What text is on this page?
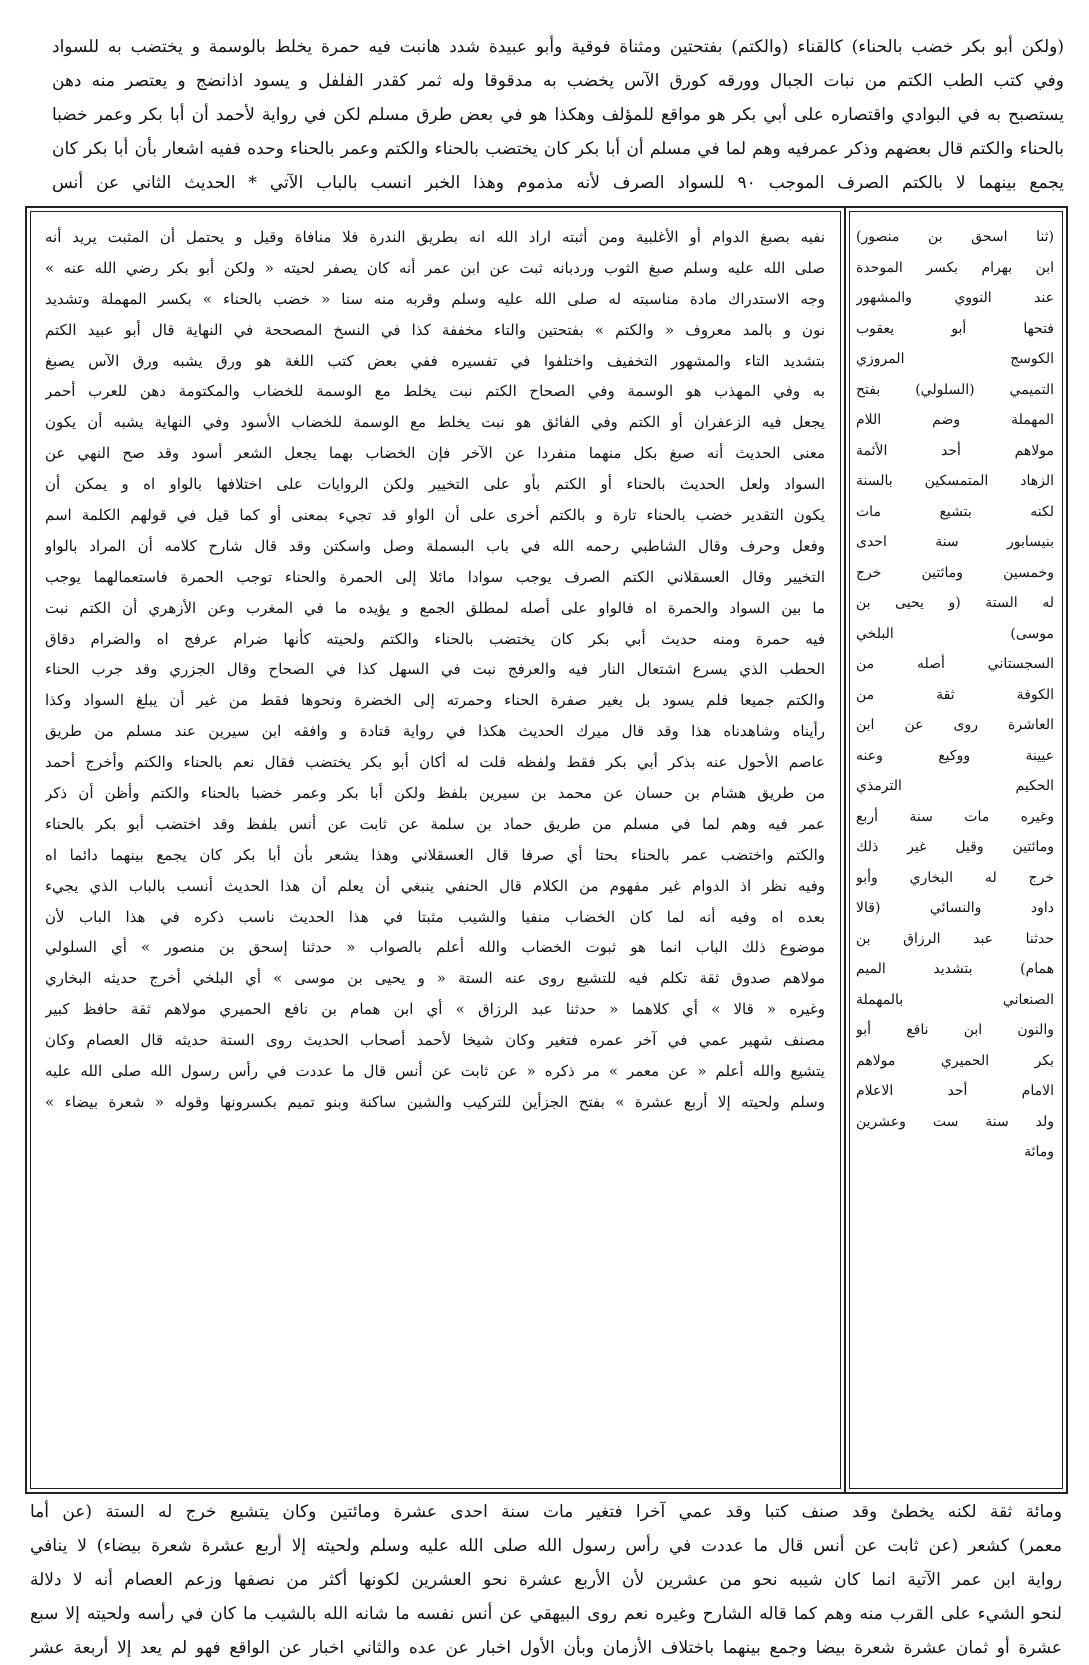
(ولكن أبو بكر خضب بالحناء) كالقناء (والكتم) بفتحتين ومثناة فوقية وأبو عبيدة شدد هانبت فيه حمرة يخلط بالوسمة و يختضب به للسواد
وفي كتب الطب الكتم من نبات الجبال وورقه كورق الآس يخضب به مدقوقا وله ثمر كقدر الفلفل و يسود اذانضج و يعتصر منه دهن
يستصبح به في البوادي واقتصاره على أبي بكر هو مواقع للمؤلف وهكذا هو في بعض طرق مسلم لكن في رواية لأحمد أن أبا بكر وعمر خضبا
بالحناء والكتم قال بعضهم وذكر عمرفيه وهم لما في مسلم أن أبا بكر كان يختضب بالحناء والكتم وعمر بالحناء وحده ففيه اشعار بأن أبا بكر كان
يجمع بينهما لا بالكتم الصرف الموجب ٩٠ للسواد الصرف لأنه مذموم وهذا الخبر انسب بالباب الآتي * الحديث الثاني عن أنس
نفيه بصبغ الدوام أو الأغلبية ومن أثبته اراد الله انه بطريق الندرة فلا منافاة وقيل و يحتمل أن المثبت يريد أنه
صلى الله عليه وسلم صبغ الثوب وردبانه ثبت عن ابن عمر أنه كان يصفر لحيته « ولكن أبو بكر رضي الله عنه »
وجه الاستدراك مادة مناسبته له صلى الله عليه وسلم وقربه منه سنا « خضب بالحناء » بكسر المهملة وتشديد
نون و بالمد معروف « والكتم » بفتحتين والتاء مخففة كذا في النسخ المصححة في النهاية قال أبو عبيد الكتم
بتشديد التاء والمشهور التخفيف واختلفوا في تفسيره ففي بعض كتب اللغة هو ورق يشبه ورق الآس يصبغ
به وفي المهذب هو الوسمة وفي الصحاح الكتم نبت يخلط مع الوسمة للخضاب والمكتومة دهن للعرب أحمر
يجعل فيه الزعفران أو الكتم وفي الفائق هو نبت يخلط مع الوسمة للخضاب الأسود وفي النهاية يشبه أن يكون
معنى الحديث أنه صبغ بكل منهما منفردا عن الآخر فإن الخضاب بهما يجعل الشعر أسود وقد صح النهي عن
السواد ولعل الحديث بالحناء أو الكتم بأو على التخيير ولكن الروايات على اختلافها بالواو اه و يمكن أن
يكون التقدير خضب بالحناء تارة و بالكتم أخرى على أن الواو قد تجيء بمعنى أو كما قيل في قولهم الكلمة اسم
وفعل وحرف وقال الشاطبي رحمه الله في باب البسملة وصل واسكتن وقد قال شارح كلامه أن المراد بالواو
التخيير وقال العسقلاني الكتم الصرف يوجب سوادا مائلا إلى الحمرة والحناء توجب الحمرة فاستعمالهما يوجب
ما بين السواد والحمرة اه فالواو على أصله لمطلق الجمع و يؤيده ما في المغرب وعن الأزهري أن الكتم نبت
فيه حمرة ومنه حديث أبي بكر كان يختضب بالحناء والكتم ولحيته كأنها ضرام عرفج اه والضرام دقاق
الحطب الذي يسرع اشتعال النار فيه والعرفج نبت في السهل كذا في الصحاح وقال الجزري وقد جرب الحناء
والكتم جميعا فلم يسود بل يغير صفرة الحناء وحمرته إلى الخضرة ونحوها فقط من غير أن يبلغ السواد وكذا
رأيناه وشاهدناه هذا وقد قال ميرك الحديث هكذا في رواية قتادة و وافقه ابن سيرين عند مسلم من طريق
عاصم الأحول عنه بذكر أبي بكر فقط ولفظه قلت له أكان أبو بكر يختضب فقال نعم بالحناء والكتم وأخرج أحمد
من طريق هشام بن حسان عن محمد بن سيرين بلفظ ولكن أبا بكر وعمر خضبا بالحناء والكتم وأظن أن ذكر
عمر فيه وهم لما في مسلم من طريق حماد بن سلمة عن ثابت عن أنس بلفظ وقد اختضب أبو بكر بالحناء
والكتم واختضب عمر بالحناء بحتا أي صرفا قال العسقلاني وهذا يشعر بأن أبا بكر كان يجمع بينهما دائما اه
وفيه نظر اذ الدوام غير مفهوم من الكلام قال الحنفي ينبغي أن يعلم أن هذا الحديث أنسب بالباب الذي يجيء
بعده اه وفيه أنه لما كان الخضاب منفيا والشيب مثبتا في هذا الحديث ناسب ذكره في هذا الباب لأن
موضوع ذلك الباب انما هو ثبوت الخضاب والله أعلم بالصواب « حدثنا إسحق بن منصور » أي السلولي
مولاهم صدوق ثقة تكلم فيه للتشيع روى عنه الستة « و يحيى بن موسى » أي البلخي أخرج حديثه البخاري
وغيره « قالا » أي كلاهما « حدثنا عبد الرزاق » أي ابن همام بن نافع الحميري مولاهم ثقة حافظ كبير
مصنف شهير عمي في آخر عمره فتغير وكان شيخا لأحمد أصحاب الحديث روى الستة حديثه قال العصام وكان
يتشيع والله أعلم « عن معمر » مر ذكره « عن ثابت عن أنس قال ما عددت في رأس رسول الله صلى الله عليه
وسلم ولحيته إلا أربع عشرة » بفتح الجزأين للتركيب والشين ساكنة وبنو تميم بكسرونها وقوله « شعرة بيضاء »
(ثنا اسحق بن منصور)
ابن بهرام بكسر الموحدة
عند النووي والمشهور
فتحها أبو يعقوب
الكوسج المروزي
التميمي (السلولي) بفتح
المهملة وضم اللام
مولاهم أحد الأئمة
الزهاد المتمسكين بالسنة
لكنه بتشيع مات
بنيسابور سنة احدى
وخمسين ومائتين خرج
له الستة (و يحيى بن
موسى) البلخي
السجستاني أصله من
الكوفة ثقة من
العاشرة روى عن ابن
عيينة ووكيع وعنه
الحكيم الترمذي
وغيره مات سنة أربع
ومائتين وقيل غير ذلك
خرج له البخاري وأبو
داود والنسائي (قالا
حدثنا عبد الرزاق بن
همام) بتشديد الميم
الصنعاني بالمهملة
والنون ابن نافع أبو
بكر الحميري مولاهم
الامام أحد الاعلام
ولد سنة ست وعشرين
ومائة
ومائة ثقة لكنه يخطئ وقد صنف كتبا وقد عمي آخرا فتغير مات سنة احدى عشرة ومائتين وكان يتشيع خرج له الستة (عن أما
معمر) كشعر (عن ثابت عن أنس قال ما عددت في رأس رسول الله صلى الله عليه وسلم ولحيته إلا أربع عشرة شعرة بيضاء) لا ينافي
رواية ابن عمر الآتية انما كان شيبه نحو من عشرين لأن الأربع عشرة نحو العشرين لكونها أكثر من نصفها وزعم العصام أنه لا دلالة
لنحو الشيء على القرب منه وهم كما قاله الشارح وغيره نعم روى البيهقي عن أنس نفسه ما شانه الله بالشيب ما كان في رأسه ولحيته إلا سبع
عشرة أو ثمان عشرة شعرة بيضا وجمع بينهما باختلاف الأزمان وبأن الأول اخبار عن عده والثاني اخبار عن الواقع فهو لم يعد إلا أربعة عشر
